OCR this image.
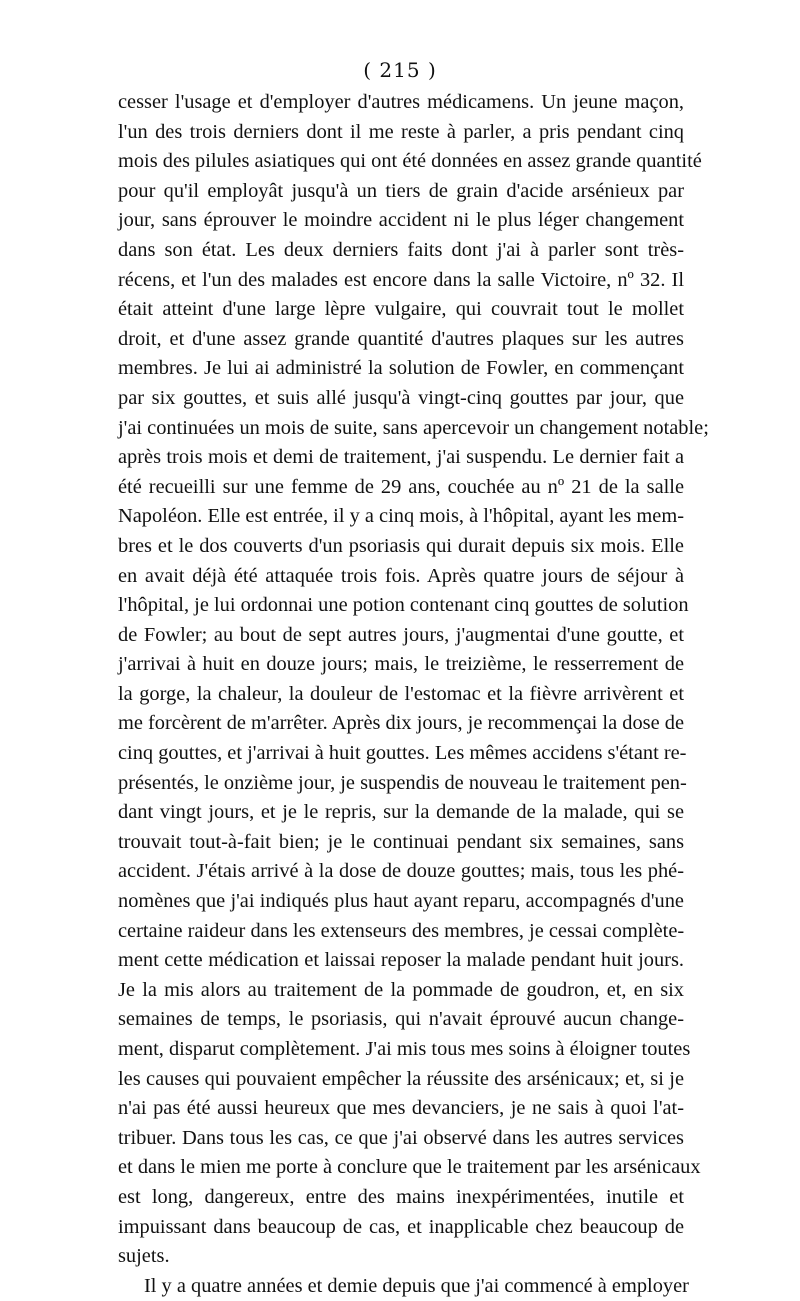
( 215 )
cesser l'usage et d'employer d'autres médicamens. Un jeune maçon,
l'un des trois derniers dont il me reste à parler, a pris pendant cinq
mois des pilules asiatiques qui ont été données en assez grande quantité
pour qu'il employât jusqu'à un tiers de grain d'acide arsénieux par
jour, sans éprouver le moindre accident ni le plus léger changement
dans son état. Les deux derniers faits dont j'ai à parler sont très-
récens, et l'un des malades est encore dans la salle Victoire, nº 32. Il
était atteint d'une large lèpre vulgaire, qui couvrait tout le mollet
droit, et d'une assez grande quantité d'autres plaques sur les autres
membres. Je lui ai administré la solution de Fowler, en commençant
par six gouttes, et suis allé jusqu'à vingt-cinq gouttes par jour, que
j'ai continuées un mois de suite, sans apercevoir un changement notable;
après trois mois et demi de traitement, j'ai suspendu. Le dernier fait a
été recueilli sur une femme de 29 ans, couchée au nº 21 de la salle
Napoléon. Elle est entrée, il y a cinq mois, à l'hôpital, ayant les mem-
bres et le dos couverts d'un psoriasis qui durait depuis six mois. Elle
en avait déjà été attaquée trois fois. Après quatre jours de séjour à
l'hôpital, je lui ordonnai une potion contenant cinq gouttes de solution
de Fowler; au bout de sept autres jours, j'augmentai d'une goutte, et
j'arrivai à huit en douze jours; mais, le treizième, le resserrement de
la gorge, la chaleur, la douleur de l'estomac et la fièvre arrivèrent et
me forcèrent de m'arrêter. Après dix jours, je recommençai la dose de
cinq gouttes, et j'arrivai à huit gouttes. Les mêmes accidens s'étant re-
présentés, le onzième jour, je suspendis de nouveau le traitement pen-
dant vingt jours, et je le repris, sur la demande de la malade, qui se
trouvait tout-à-fait bien; je le continuai pendant six semaines, sans
accident. J'étais arrivé à la dose de douze gouttes; mais, tous les phé-
nomènes que j'ai indiqués plus haut ayant reparu, accompagnés d'une
certaine raideur dans les extenseurs des membres, je cessai complète-
ment cette médication et laissai reposer la malade pendant huit jours.
Je la mis alors au traitement de la pommade de goudron, et, en six
semaines de temps, le psoriasis, qui n'avait éprouvé aucun change-
ment, disparut complètement. J'ai mis tous mes soins à éloigner toutes
les causes qui pouvaient empêcher la réussite des arsénicaux; et, si je
n'ai pas été aussi heureux que mes devanciers, je ne sais à quoi l'at-
tribuer. Dans tous les cas, ce que j'ai observé dans les autres services
et dans le mien me porte à conclure que le traitement par les arsénicaux
est long, dangereux, entre des mains inexpérimentées, inutile et
impuissant dans beaucoup de cas, et inapplicable chez beaucoup de
sujets.
Il y a quatre années et demie depuis que j'ai commencé à employer
